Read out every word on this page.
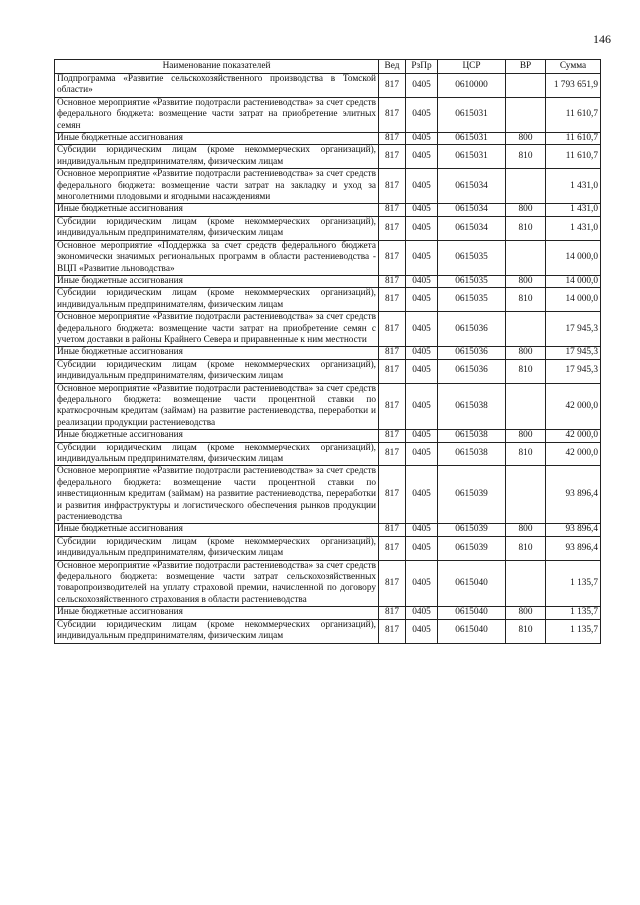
146
Наименование показателей	Вед	РзПр	ЦСР	ВР	Сумма
Подпрограмма «Развитие сельскохозяйственного производства в Томской области»	817	0405	0610000		1 793 651,9
Основное мероприятие «Развитие подотрасли растениеводства» за счет средств федерального бюджета: возмещение части затрат на приобретение элитных семян	817	0405	0615031		11 610,7
Иные бюджетные ассигнования	817	0405	0615031	800	11 610,7
Субсидии юридическим лицам (кроме некоммерческих организаций), индивидуальным предпринимателям, физическим лицам	817	0405	0615031	810	11 610,7
Основное мероприятие «Развитие подотрасли растениеводства» за счет средств федерального бюджета: возмещение части затрат на закладку и уход за многолетними плодовыми и ягодными насаждениями	817	0405	0615034		1 431,0
Иные бюджетные ассигнования	817	0405	0615034	800	1 431,0
Субсидии юридическим лицам (кроме некоммерческих организаций), индивидуальным предпринимателям, физическим лицам	817	0405	0615034	810	1 431,0
Основное мероприятие «Поддержка за счет средств федерального бюджета экономически значимых региональных программ в области растениеводства - ВЦП «Развитие льноводства»	817	0405	0615035		14 000,0
Иные бюджетные ассигнования	817	0405	0615035	800	14 000,0
Субсидии юридическим лицам (кроме некоммерческих организаций), индивидуальным предпринимателям, физическим лицам	817	0405	0615035	810	14 000,0
Основное мероприятие «Развитие подотрасли растениеводства» за счет средств федерального бюджета: возмещение части затрат на приобретение семян с учетом доставки в районы Крайнего Севера и приравненные к ним местности	817	0405	0615036		17 945,3
Иные бюджетные ассигнования	817	0405	0615036	800	17 945,3
Субсидии юридическим лицам (кроме некоммерческих организаций), индивидуальным предпринимателям, физическим лицам	817	0405	0615036	810	17 945,3
Основное мероприятие «Развитие подотрасли растениеводства» за счет средств федерального бюджета: возмещение части процентной ставки по краткосрочным кредитам (займам) на развитие растениеводства, переработки и реализации продукции растениеводства	817	0405	0615038		42 000,0
Иные бюджетные ассигнования	817	0405	0615038	800	42 000,0
Субсидии юридическим лицам (кроме некоммерческих организаций), индивидуальным предпринимателям, физическим лицам	817	0405	0615038	810	42 000,0
Основное мероприятие «Развитие подотрасли растениеводства» за счет средств федерального бюджета: возмещение части процентной ставки по инвестиционным кредитам (займам) на развитие растениеводства, переработки и развития инфраструктуры и логистического обеспечения рынков продукции растениеводства	817	0405	0615039		93 896,4
Иные бюджетные ассигнования	817	0405	0615039	800	93 896,4
Субсидии юридическим лицам (кроме некоммерческих организаций), индивидуальным предпринимателям, физическим лицам	817	0405	0615039	810	93 896,4
Основное мероприятие «Развитие подотрасли растениеводства» за счет средств федерального бюджета: возмещение части затрат сельскохозяйственных товаропроизводителей на уплату страховой премии, начисленной по договору сельскохозяйственного страхования в области растениеводства	817	0405	0615040		1 135,7
Иные бюджетные ассигнования	817	0405	0615040	800	1 135,7
Субсидии юридическим лицам (кроме некоммерческих организаций), индивидуальным предпринимателям, физическим лицам	817	0405	0615040	810	1 135,7
